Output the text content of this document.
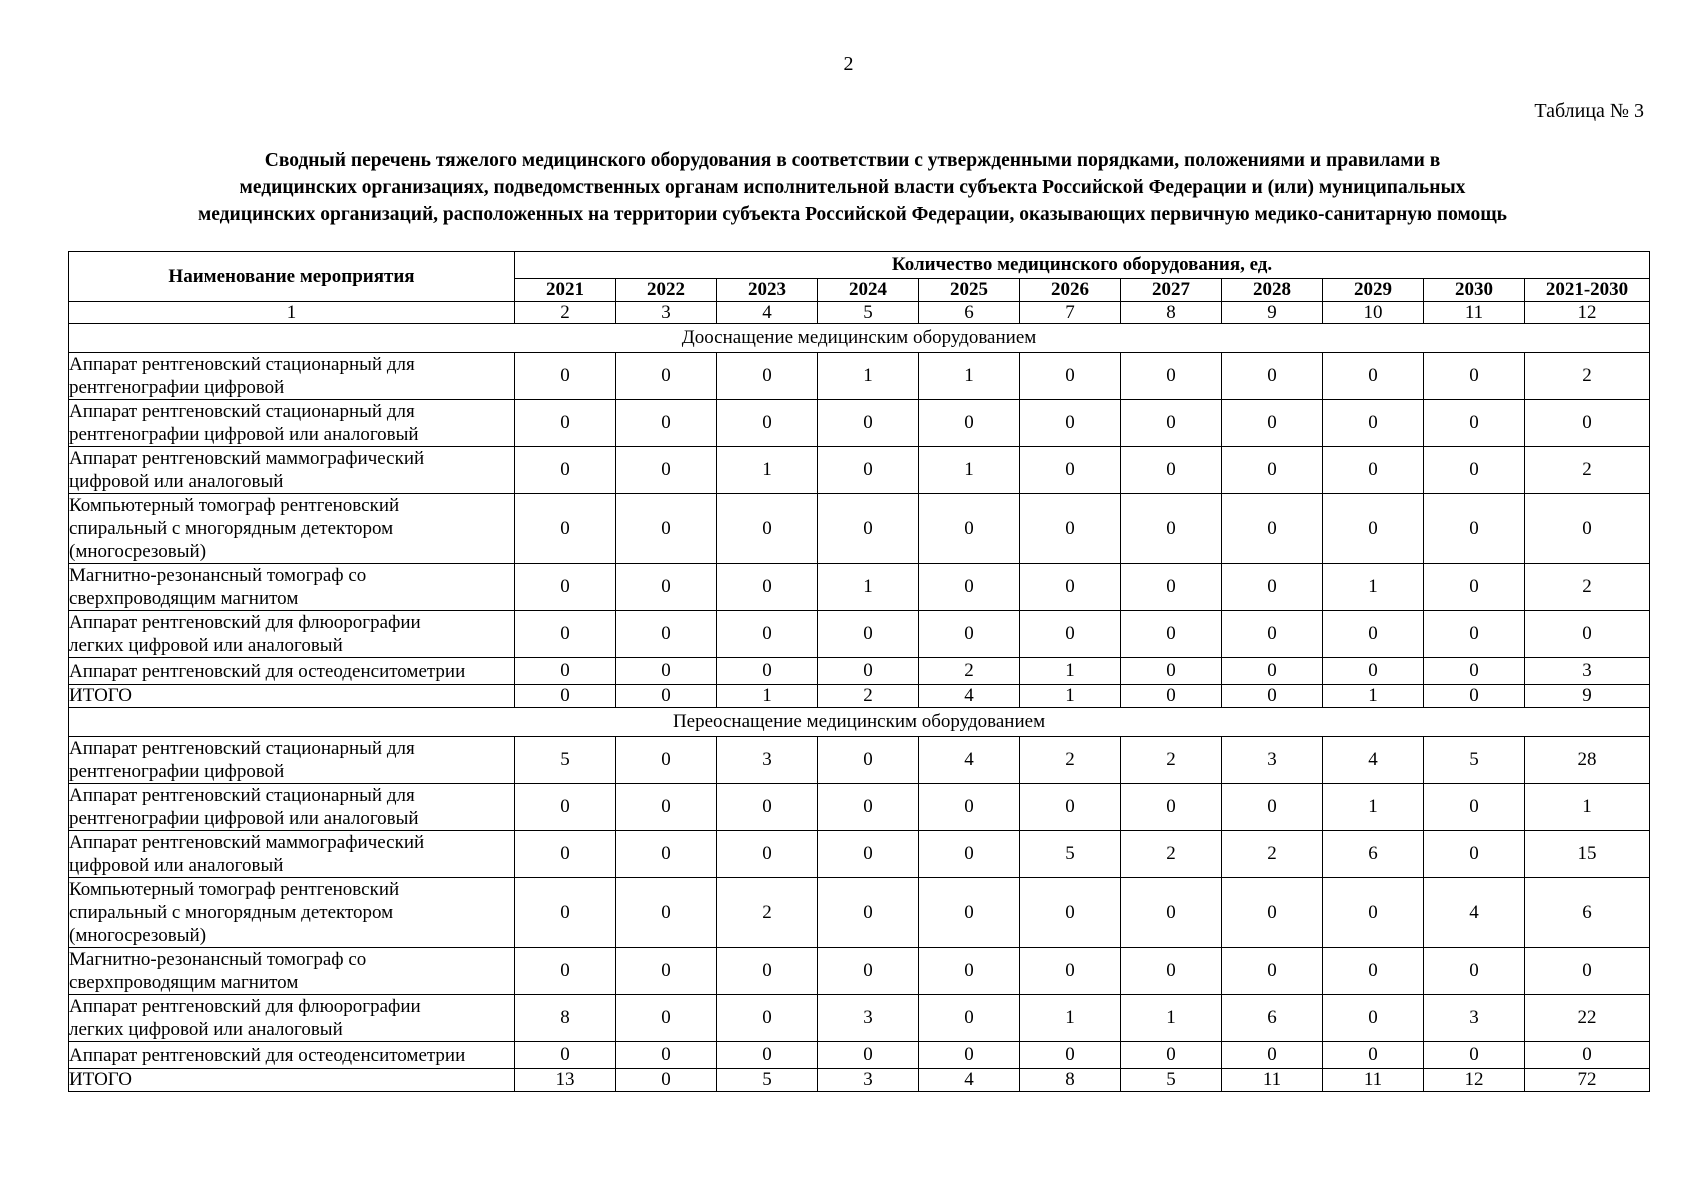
2
Таблица № 3
Сводный перечень тяжелого медицинского оборудования в соответствии с утвержденными порядками, положениями и правилами в
медицинских организациях, подведомственных органам исполнительной власти субъекта Российской Федерации и (или) муниципальных
медицинских организаций, расположенных на территории субъекта Российской Федерации, оказывающих первичную медико-санитарную помощь
Наименование мероприятия	Количество медицинского оборудования, ед.										
	2021	2022	2023	2024	2025	2026	2027	2028	2029	2030	2021-2030
1	2	3	4	5	6	7	8	9	10	11	12
Дооснащение медицинским оборудованием											

Аппарат рентгеновский стационарный для
рентгенографии цифровой	0	0	0	1	1	0	0	0	0	0	2

Аппарат рентгеновский стационарный для
рентгенографии цифровой или аналоговый	0	0	0	0	0	0	0	0	0	0	0

Аппарат рентгеновский маммографический
цифровой или аналоговый	0	0	1	0	1	0	0	0	0	0	2

Компьютерный томограф рентгеновский
спиральный с многорядным детектором
(многосрезовый)	0	0	0	0	0	0	0	0	0	0	0

Магнитно-резонансный томограф со
сверхпроводящим магнитом	0	0	0	1	0	0	0	0	1	0	2

Аппарат рентгеновский для флюорографии
легких цифровой или аналоговый	0	0	0	0	0	0	0	0	0	0	0

Аппарат рентгеновский для остеоденситометрии	0	0	0	0	2	1	0	0	0	0	3
ИТОГО	0	0	1	2	4	1	0	0	1	0	9
Переоснащение медицинским оборудованием											

Аппарат рентгеновский стационарный для
рентгенографии цифровой	5	0	3	0	4	2	2	3	4	5	28

Аппарат рентгеновский стационарный для
рентгенографии цифровой или аналоговый	0	0	0	0	0	0	0	0	1	0	1

Аппарат рентгеновский маммографический
цифровой или аналоговый	0	0	0	0	0	5	2	2	6	0	15

Компьютерный томограф рентгеновский
спиральный с многорядным детектором
(многосрезовый)	0	0	2	0	0	0	0	0	0	4	6

Магнитно-резонансный томограф со
сверхпроводящим магнитом	0	0	0	0	0	0	0	0	0	0	0

Аппарат рентгеновский для флюорографии
легких цифровой или аналоговый	8	0	0	3	0	1	1	6	0	3	22

Аппарат рентгеновский для остеоденситометрии	0	0	0	0	0	0	0	0	0	0	0
ИТОГО	13	0	5	3	4	8	5	11	11	12	72
